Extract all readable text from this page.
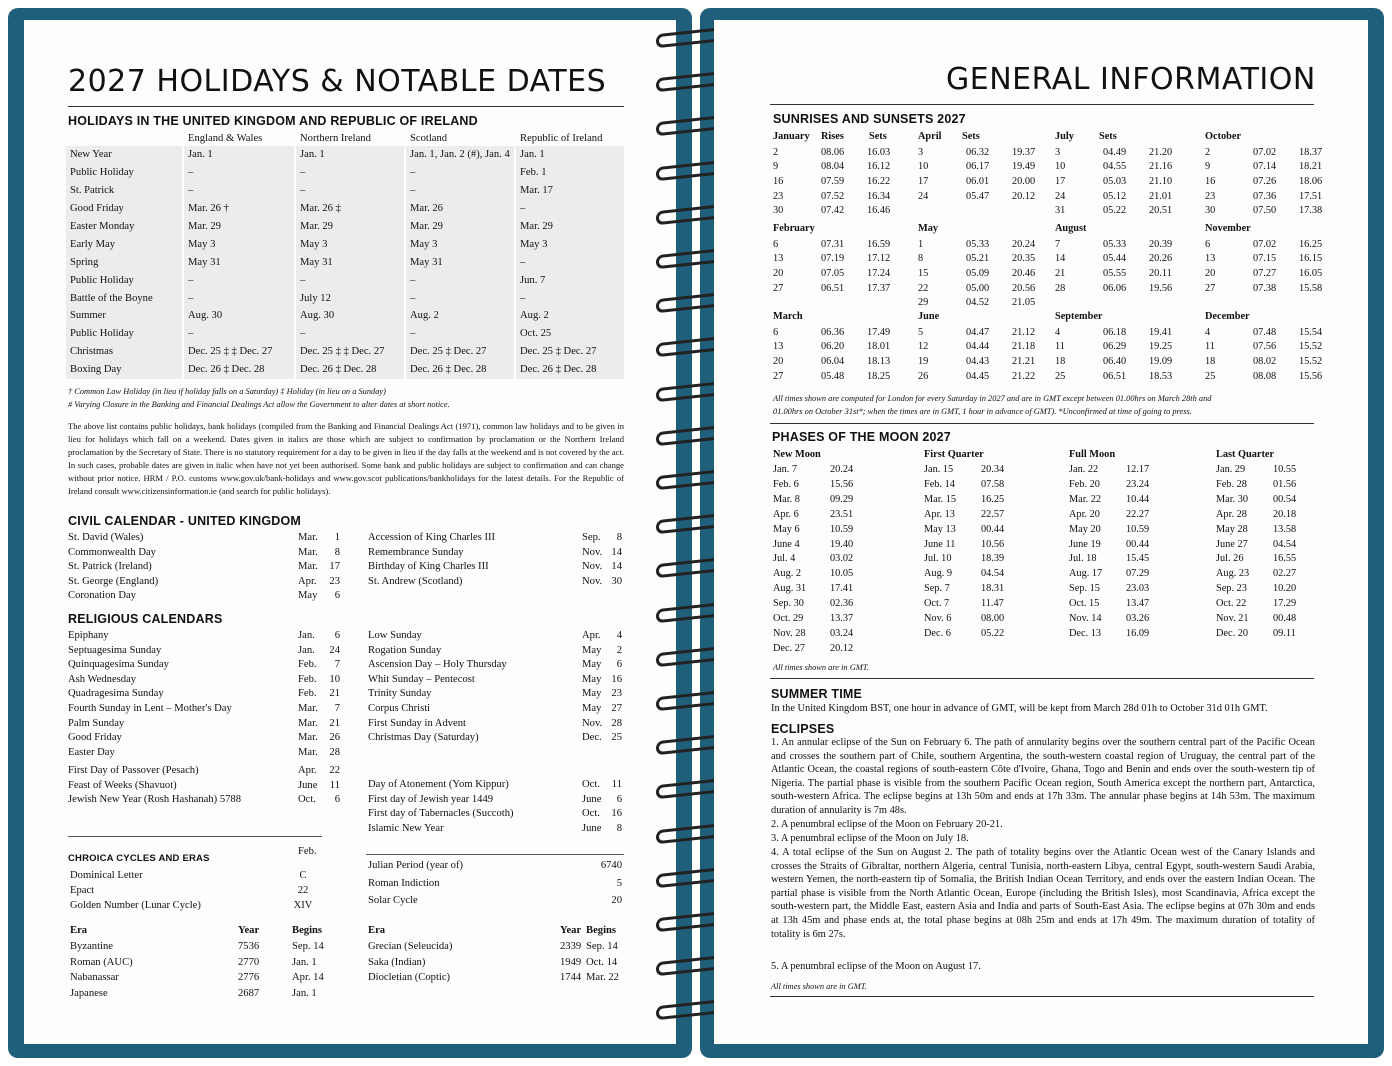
2027 HOLIDAYS & NOTABLE DATES
HOLIDAYS IN THE UNITED KINGDOM AND REPUBLIC OF IRELAND
	England & Wales	Northern Ireland	Scotland	Republic of Ireland
New Year	Jan. 1	Jan. 1	Jan. 1, Jan. 2 (#), Jan. 4	Jan. 1
Public Holiday	–	–	–	Feb. 1
St. Patrick	–	–	–	Mar. 17
Good Friday	Mar. 26 †	Mar. 26 ‡	Mar. 26	–
Easter Monday	Mar. 29	Mar. 29	Mar. 29	Mar. 29
Early May	May 3	May 3	May 3	May 3
Spring	May 31	May 31	May 31	–
Public Holiday	–	–	–	Jun. 7
Battle of the Boyne	–	July 12	–	–
Summer	Aug. 30	Aug. 30	Aug. 2	Aug. 2
Public Holiday	–	–	–	Oct. 25
Christmas	Dec. 25 ‡ ‡ Dec. 27	Dec. 25 ‡ ‡ Dec. 27	Dec. 25 ‡ Dec. 27	Dec. 25 ‡ Dec. 27
Boxing Day	Dec. 26 ‡ Dec. 28	Dec. 26 ‡ Dec. 28	Dec. 26 ‡ Dec. 28	Dec. 26 ‡ Dec. 28
† Common Law Holiday (in lieu if holiday falls on a Saturday) ‡ Holiday (in lieu on a Sunday)
# Varying Closure in the Banking and Financial Dealings Act allow the Government to alter dates at short notice.
The above list contains public holidays, bank holidays (compiled from the Banking and Financial Dealings Act (1971), common law holidays and to be given in lieu for holidays which fall on a weekend. Dates given in italics are those which are subject to confirmation by proclamation or the Northern Ireland proclamation by the Secretary of State. There is no statutory requirement for a day to be given in lieu if the day falls at the weekend and is not covered by the act. In such cases, probable dates are given in italic when have not yet been authorised. Some bank and public holidays are subject to confirmation and can change without prior notice. HRM / P.O. customs www.gov.uk/bank-holidays and www.gov.scot publications/bankholidays for the latest details. For the Republic of Ireland consult www.citizensinformation.ie (and search for public holidays).
CIVIL CALENDAR - UNITED KINGDOM
St. David (Wales)	Mar.	1
Commonwealth Day	Mar.	8
St. Patrick (Ireland)	Mar.	17
St. George (England)	Apr.	23
Coronation Day	May	6
Accession of King Charles III	Sep.	8
Remembrance Sunday	Nov. 14
Birthday of King Charles III	Nov. 14
St. Andrew (Scotland)	Nov. 30
RELIGIOUS CALENDARS
Epiphany	Jan.	6
Septuagesima Sunday	Jan.	24
Quinquagesima Sunday	Feb.	7
Ash Wednesday	Feb.	10
Quadragesima Sunday	Feb.	21
Fourth Sunday in Lent – Mother's Day	Mar.	7
Palm Sunday	Mar.	21
Good Friday	Mar.	26
Easter Day	Mar.	28
Low Sunday	Apr.	4
Rogation Sunday	May	2
Ascension Day – Holy Thursday	May	6
Whit Sunday – Pentecost	May 16
Trinity Sunday	May 23
Corpus Christi	May 27
First Sunday in Advent	Nov. 28
Christmas Day (Saturday)	Dec. 25
First Day of Passover (Pesach)	Apr.	22
Feast of Weeks (Shavuot)	June	11
Jewish New Year (Rosh Hashanah) 5788	Oct.	6
Day of Atonement (Yom Kippur)	Oct.	11
First day of Jewish year 1449	June	6
First day of Tabernacles (Succoth)	Oct.	16
Islamic New Year	June	8
CHROICA CYCLES AND ERAS
Feb.
Dominical Letter	C
Epact	22
Golden Number (Lunar Cycle)	XIV
Julian Period (year of)	6740
Roman Indiction	5
Solar Cycle	20
Era	Year	Begins
Byzantine	7536	Sep. 14
Roman (AUC)	2770	Jan. 1
Nabanassar	2776	Apr. 14
Japanese	2687	Jan. 1
Era	Year Begins
Grecian (Seleucida)	2339 Sep. 14
Saka (Indian)	1949 Oct. 14
Diocletian (Coptic)	1744 Mar. 22
GENERAL INFORMATION
SUNRISES AND SUNSETS 2027
January Rises Sets
2	08.06 16.03
9	08.04 16.12
16	07.59 16.22
23	07.52 16.34
30	07.42 16.46
April Sets
3	06.32 19.37
10	06.17 19.49
17	06.01 20.00
24	05.47 20.12
July Sets
3	04.49 21.20
10	04.55 21.16
17	05.03 21.10
24	05.12 21.01
31	05.22 20.51
October
2	07.02 18.37
9	07.14 18.21
16	07.26 18.06
23	07.36 17.51
30	07.50 17.38
February
6	07.31 16.59
13	07.19 17.12
20	07.05 17.24
27	06.51 17.37
May
1	05.33 20.24
8	05.21 20.35
15	05.09 20.46
22	05.00 20.56
29	04.52 21.05
August
7	05.33 20.39
14	05.44 20.26
21	05.55 20.11
28	06.06 19.56
November
6	07.02 16.25
13	07.15 16.15
20	07.27 16.05
27	07.38 15.58
March
6	06.36 17.49
13	06.20 18.01
20	06.04 18.13
27	05.48 18.25
June
5	04.47 21.12
12	04.44 21.18
19	04.43 21.21
26	04.45 21.22
September
4	06.18 19.41
11	06.29 19.25
18	06.40 19.09
25	06.51 18.53
December
4	07.48 15.54
11	07.56 15.52
18	08.02 15.52
25	08.08 15.56
All times shown are computed for London for every Saturday in 2027 and are in GMT except between 01.00hrs on March 28th and
01.00hrs on October 31st*; when the times are in GMT, 1 hour in advance of GMT). *Unconfirmed at time of going to press.
PHASES OF THE MOON 2027
New Moon
Jan. 7	20.24
Feb. 6	15.56
Mar. 8	09.29
Apr. 6	23.51
May 6	10.59
June 4	19.40
Jul. 4	03.02
Aug. 2	10.05
Aug. 31 17.41
Sep. 30	02.36
Oct. 29	13.37
Nov. 28 03.24
Dec. 27 20.12
First Quarter
Jan. 15	20.34
Feb. 14	07.58
Mar. 15 16.25
Apr. 13	22.57
May 13 00.44
June 11 10.56
Jul. 10	18.39
Aug. 9	04.54
Sep. 7	18.31
Oct. 7	11.47
Nov. 6	08.00
Dec. 6	05.22
Full Moon
Jan. 22	12.17
Feb. 20	23.24
Mar. 22 10.44
Apr. 20	22.27
May 20 10.59
June 19 00.44
Jul. 18	15.45
Aug. 17 07.29
Sep. 15	23.03
Oct. 15	13.47
Nov. 14 03.26
Dec. 13 16.09
Last Quarter
Jan. 29	10.55
Feb. 28	01.56
Mar. 30 00.54
Apr. 28	20.18
May 28 13.58
June 27 04.54
Jul. 26	16.55
Aug. 23 02.27
Sep. 23	10.20
Oct. 22	17.29
Nov. 21 00.48
Dec. 20 09.11
All times shown are in GMT.
SUMMER TIME
In the United Kingdom BST, one hour in advance of GMT, will be kept from March 28d 01h to October 31d 01h GMT.
ECLIPSES
1. An annular eclipse of the Sun on February 6. The path of annularity begins over the southern central part of the Pacific Ocean and crosses the southern part of Chile, southern Argentina, the south-western coastal region of Uruguay, the central part of the Atlantic Ocean, the coastal regions of south-eastern Côte d'Ivoire, Ghana, Togo and Benin and ends over the south-western tip of Nigeria. The partial phase is visible from the southern Pacific Ocean region, South America except the northern part, Antarctica, south-western Africa. The eclipse begins at 13h 50m and ends at 17h 33m. The annular phase begins at 14h 53m. The maximum duration of annularity is 7m 48s.
2. A penumbral eclipse of the Moon on February 20-21.
3. A penumbral eclipse of the Moon on July 18.
4. A total eclipse of the Sun on August 2. The path of totality begins over the Atlantic Ocean west of the Canary Islands and crosses the Straits of Gibraltar, northern Algeria, central Tunisia, north-eastern Libya, central Egypt, south-western Saudi Arabia, western Yemen, the north-eastern tip of Somalia, the British Indian Ocean Territory, and ends over the eastern Indian Ocean. The partial phase is visible from the North Atlantic Ocean, Europe (including the British Isles), most Scandinavia, Africa except the south-western part, the Middle East, eastern Asia and India and parts of South-East Asia. The eclipse begins at 07h 30m and ends at 13h 45m and phase ends at, the total phase begins at 08h 25m and ends at 17h 49m. The maximum duration of totality of totality is 6m 27s.
5. A penumbral eclipse of the Moon on August 17.
All times shown are in GMT.
